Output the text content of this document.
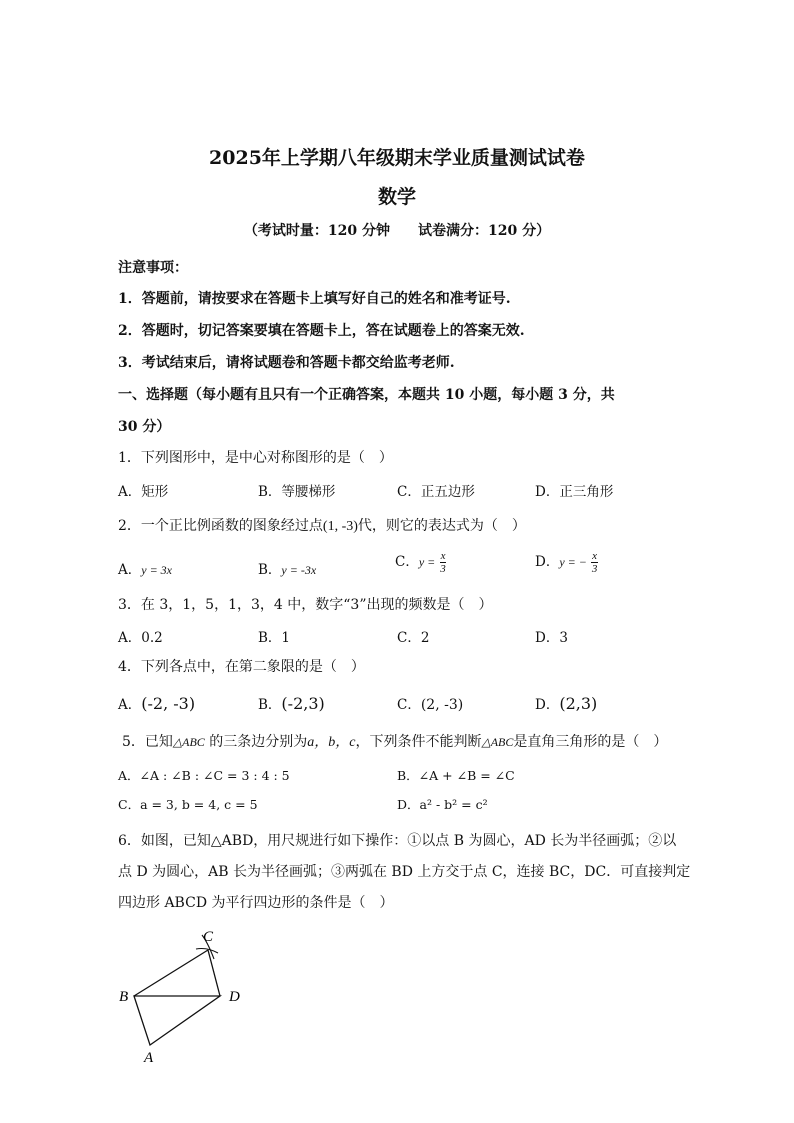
2025年上学期八年级期末学业质量测试试卷
数学
（考试时量：120 分钟　　试卷满分：120 分）
注意事项：
1．答题前，请按要求在答题卡上填写好自己的姓名和准考证号.
2．答题时，切记答案要填在答题卡上，答在试题卷上的答案无效.
3．考试结束后，请将试题卷和答题卡都交给监考老师.
一、选择题（每小题有且只有一个正确答案，本题共 10 小题，每小题 3 分，共
30 分）
1．下列图形中，是中心对称图形的是（　）
A．矩形	B．等腰梯形	C．正五边形	D．正三角形
2．一个正比例函数的图象经过点(1, -3)代，则它的表达式为（　）
A．y = 3x	B．y = -3x	C．$y = \frac{x}{3}$	D．y = − $\frac{x}{3}$
3．在 3，1，5，1，3，4 中，数字“3”出现的频数是（　）
A．0.2	B．1	C．2	D．3
4．下列各点中，在第二象限的是（　）
A．(-2, -3)	B．(-2,3)	C．(2, -3)	D．(2,3)
5．已知△ABC 的三条边分别为a，b，c，下列条件不能判断△ABC是直角三角形的是（　）
A．∠A : ∠B : ∠C = 3 : 4 : 5	B．∠A + ∠B = ∠C
C．a = 3, b = 4, c = 5	D．a² - b² = c²
6．如图，已知△ABD，用尺规进行如下操作：①以点 B 为圆心，AD 长为半径画弧；②以
点 D 为圆心，AB 长为半径画弧；③两弧在 BD 上方交于点 C，连接 BC，DC．可直接判定
四边形 ABCD 为平行四边形的条件是（　）
C
B	D
A
